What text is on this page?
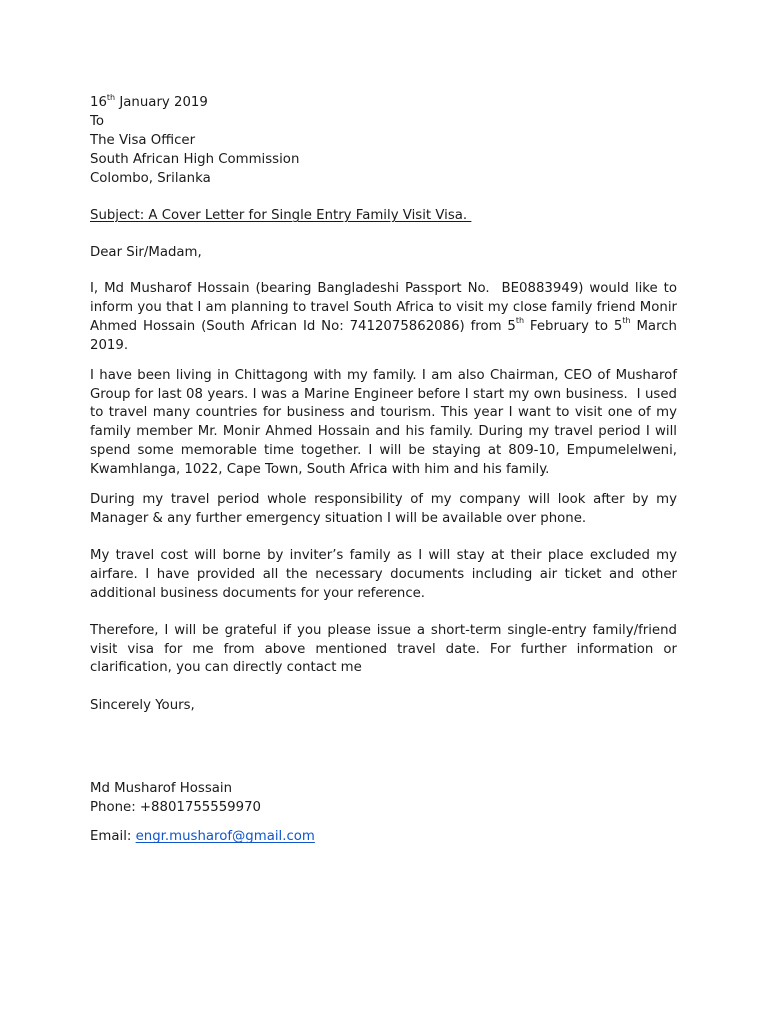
16th January 2019
To
The Visa Officer
South African High Commission
Colombo, Srilanka
Subject: A Cover Letter for Single Entry Family Visit Visa.
Dear Sir/Madam,

I, Md Musharof Hossain (bearing Bangladeshi Passport No.  BE0883949) would like to inform you that I am planning to travel South Africa to visit my close family friend Monir Ahmed Hossain (South African Id No: 7412075862086) from 5th February to 5th March 2019.

I have been living in Chittagong with my family. I am also Chairman, CEO of Musharof Group for last 08 years. I was a Marine Engineer before I start my own business.  I used to travel many countries for business and tourism. This year I want to visit one of my family member Mr. Monir Ahmed Hossain and his family. During my travel period I will spend some memorable time together. I will be staying at 809-10, Empumelelweni, Kwamhlanga, 1022, Cape Town, South Africa with him and his family.

During my travel period whole responsibility of my company will look after by my Manager & any further emergency situation I will be available over phone.

My travel cost will borne by inviter’s family as I will stay at their place excluded my airfare. I have provided all the necessary documents including air ticket and other additional business documents for your reference.

Therefore, I will be grateful if you please issue a short-term single-entry family/friend visit visa for me from above mentioned travel date. For further information or clarification, you can directly contact me

Sincerely Yours,
Md Musharof Hossain
Phone: +8801755559970
Email: engr.musharof@gmail.com
